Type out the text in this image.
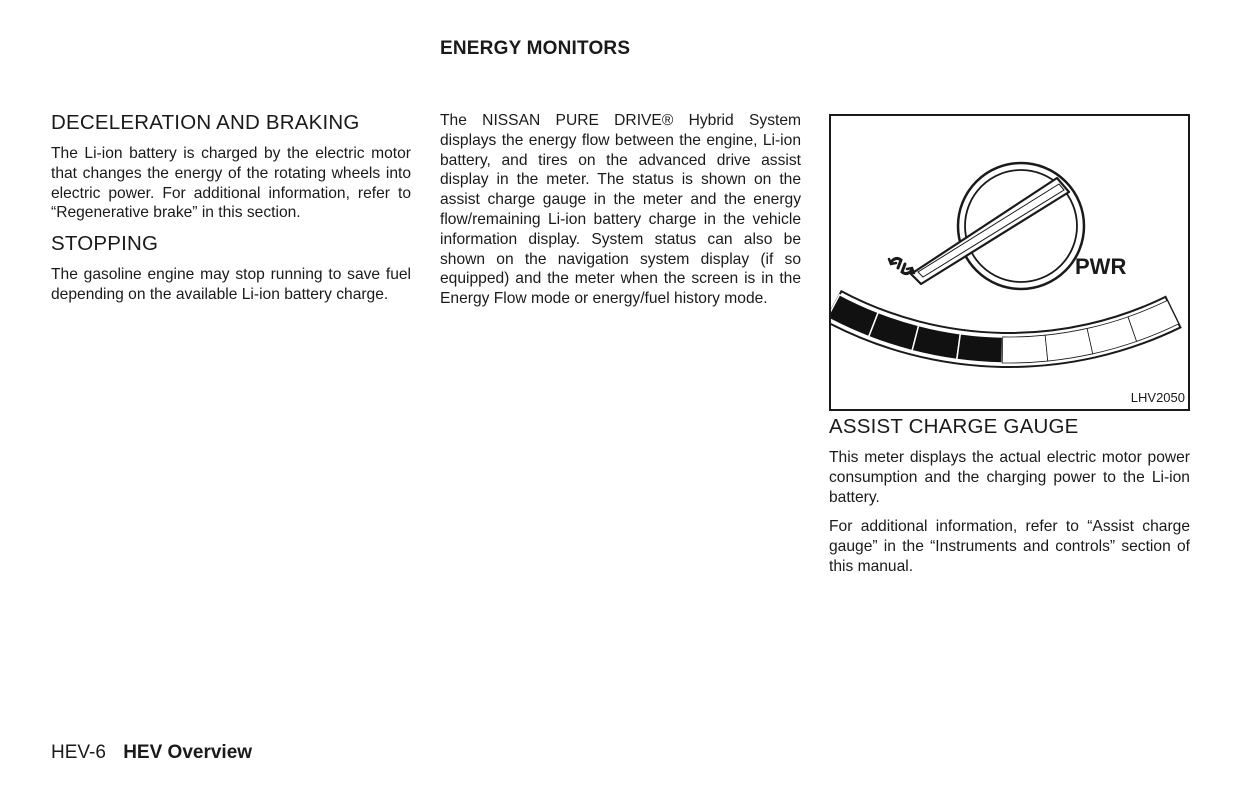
ENERGY MONITORS
DECELERATION AND BRAKING

The Li-ion battery is charged by the electric motor that changes the energy of the rotating wheels into electric power. For additional information, refer to “Regenerative brake” in this section.

STOPPING

The gasoline engine may stop running to save fuel depending on the available Li-ion battery charge.

The NISSAN PURE DRIVE® Hybrid System displays the energy flow between the engine, Li-ion battery, and tires on the advanced drive assist display in the meter. The status is shown on the assist charge gauge in the meter and the energy flow/remaining Li-ion battery charge in the vehicle information display. System status can also be shown on the navigation system display (if so equipped) and the meter when the screen is in the Energy Flow mode or energy/fuel history mode.

PWR
LHV2050
ASSIST CHARGE GAUGE

This meter displays the actual electric motor power consumption and the charging power to the Li-ion battery.

For additional information, refer to “Assist charge gauge” in the “Instruments and controls” section of this manual.

HEV-6 HEV Overview
